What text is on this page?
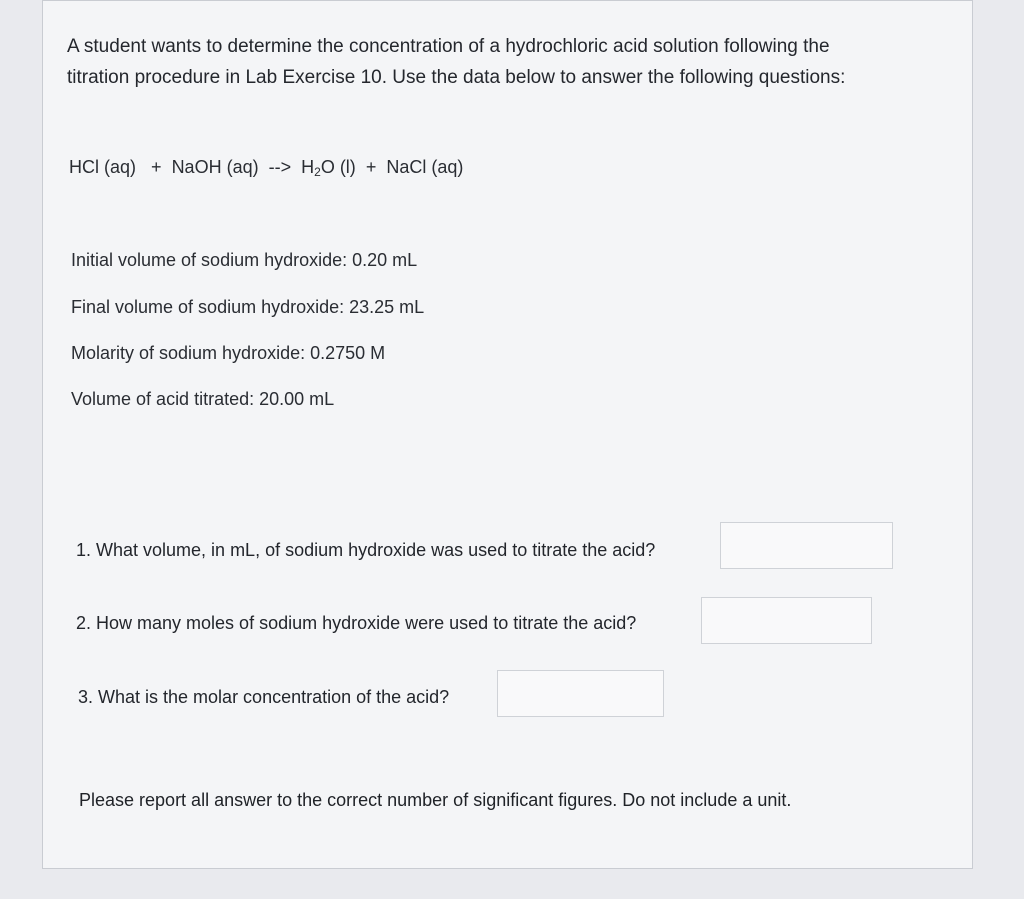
A student wants to determine the concentration of a hydrochloric acid solution following the
titration procedure in Lab Exercise 10. Use the data below to answer the following questions:
HCl (aq) + NaOH (aq) --> $H_2O$ (l) + NaCl (aq)
Initial volume of sodium hydroxide: 0.20 mL
Final volume of sodium hydroxide: 23.25 mL
Molarity of sodium hydroxide: 0.2750 M
Volume of acid titrated: 20.00 mL
1. What volume, in mL, of sodium hydroxide was used to titrate the acid?
2. How many moles of sodium hydroxide were used to titrate the acid?
3. What is the molar concentration of the acid?
Please report all answer to the correct number of significant figures. Do not include a unit.
